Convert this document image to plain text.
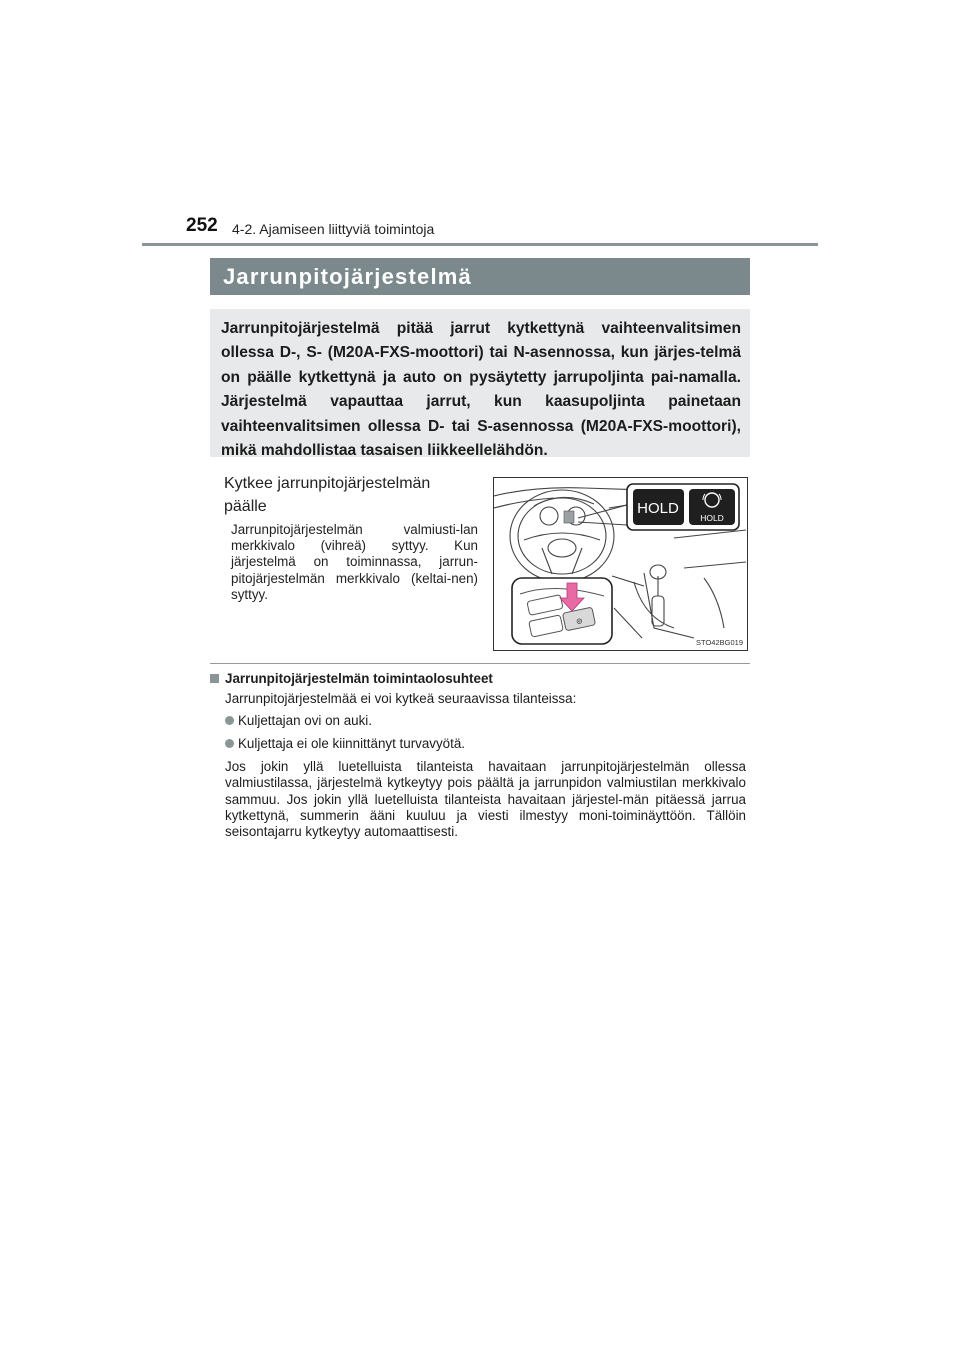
252 4-2. Ajamiseen liittyviä toimintoja
Jarrunpitojärjestelmä
Jarrunpitojärjestelmä pitää jarrut kytkettynä vaihteenvalitsimen ollessa D-, S- (M20A-FXS-moottori) tai N-asennossa, kun järjes-telmä on päälle kytkettynä ja auto on pysäytetty jarrupoljinta pai-namalla. Järjestelmä vapauttaa jarrut, kun kaasupoljinta painetaan vaihteenvalitsimen ollessa D- tai S-asennossa (M20A-FXS-moottori), mikä mahdollistaa tasaisen liikkeellelähdön.
Kytkee jarrunpitojärjestelmän päälle
Jarrunpitojärjestelmän valmiusti-lan merkkivalo (vihreä) syttyy. Kun järjestelmä on toiminnassa, jarrun-pitojärjestelmän merkkivalo (keltai-nen) syttyy.
HOLD
HOLD
⊜
STO42BG019
Jarrunpitojärjestelmän toimintaolosuhteet
Jarrunpitojärjestelmää ei voi kytkeä seuraavissa tilanteissa:
Kuljettajan ovi on auki.
Kuljettaja ei ole kiinnittänyt turvavyötä.
Jos jokin yllä luetelluista tilanteista havaitaan jarrunpitojärjestelmän ollessa valmiustilassa, järjestelmä kytkeytyy pois päältä ja jarrunpidon valmiustilan merkkivalo sammuu. Jos jokin yllä luetelluista tilanteista havaitaan järjestel-män pitäessä jarrua kytkettynä, summerin ääni kuuluu ja viesti ilmestyy moni-toiminäyttöön. Tällöin seisontajarru kytkeytyy automaattisesti.
